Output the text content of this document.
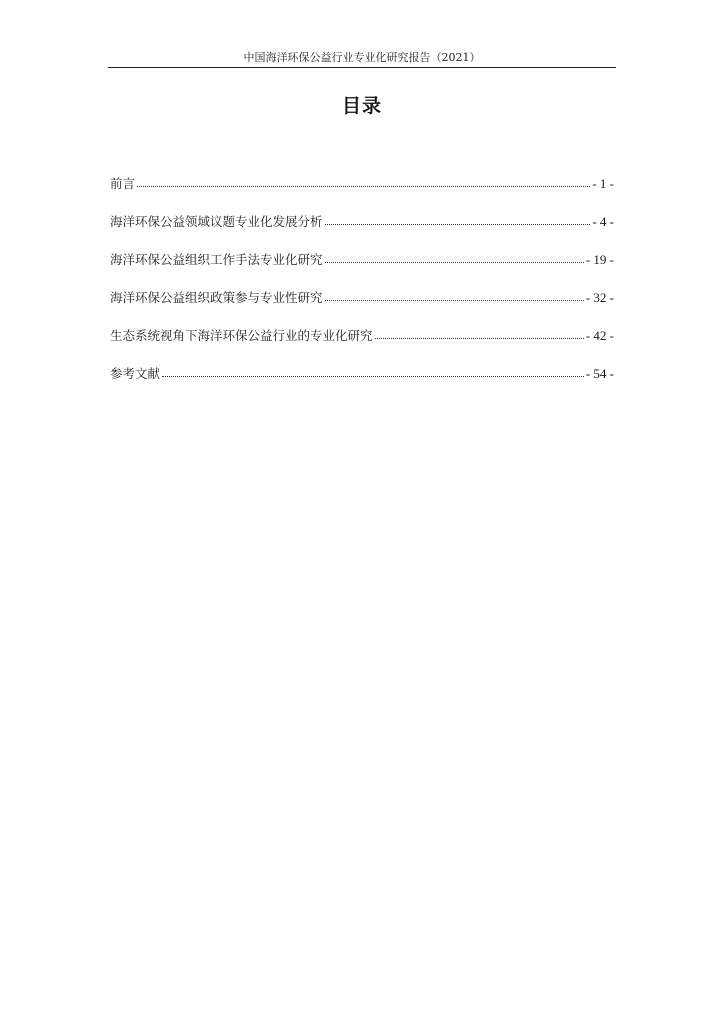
中国海洋环保公益行业专业化研究报告（2021）
目录
前言	- 1 -
海洋环保公益领域议题专业化发展分析	- 4 -
海洋环保公益组织工作手法专业化研究	- 19 -
海洋环保公益组织政策参与专业性研究	- 32 -
生态系统视角下海洋环保公益行业的专业化研究	- 42 -
参考文献	- 54 -
